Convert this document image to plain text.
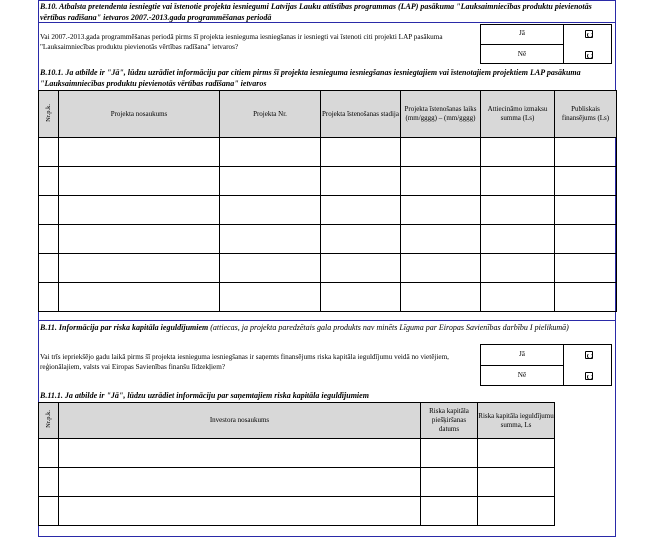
B.10. Atbalsta pretendenta iesniegtie vai īstenotie projekta iesniegumi Latvijas Lauku attīstības programmas (LAP) pasākuma "Lauksaimniecības produktu pievienotās vērtības radīšana" ietvaros 2007.-2013.gada programmēšanas periodā
Vai 2007.-2013.gada programmēšanas periodā pirms šī projekta iesnieguma iesniegšanas ir iesniegti vai īstenoti citi projekti LAP pasākuma "Lauksaimniecības produktu pievienotās vērtības radīšana" ietvaros?
Jā
Nē
B.10.1. Ja atbilde ir "Jā", lūdzu uzrādiet informāciju par citiem pirms šī projekta iesnieguma iesniegšanas iesniegtajiem vai īstenotajiem projektiem LAP pasākuma "Lauksaimniecības produktu pievienotās vērtības radīšana" ietvaros
Nr.p.k.	Projekta nosaukums	Projekta Nr.	Projekta īstenošanas stadija	Projekta īstenošanas laiks (mm/gggg) – (mm/gggg)	Attiecināmo izmaksu summa (Ls)	Publiskais finansējums (Ls)

B.11. Informācija par riska kapitāla ieguldījumiem (attiecas, ja projekta paredzētais gala produkts nav minēts Līguma par Eiropas Savienības darbību I pielikumā)
Vai trīs iepriekšējo gadu laikā pirms šī projekta iesnieguma iesniegšanas ir saņemts finansējums riska kapitāla ieguldījumu veidā no vietējiem, reģionālajiem, valsts vai Eiropas Savienības finanšu līdzekļiem?
Jā
Nē
B.11.1. Ja atbilde ir "Jā", lūdzu uzrādiet informāciju par saņemtajiem riska kapitāla ieguldījumiem
Nr.p.k.	Investora nosaukums	Riska kapitāla piešķiršanas datums	Riska kapitāla ieguldījumu summa, Ls
